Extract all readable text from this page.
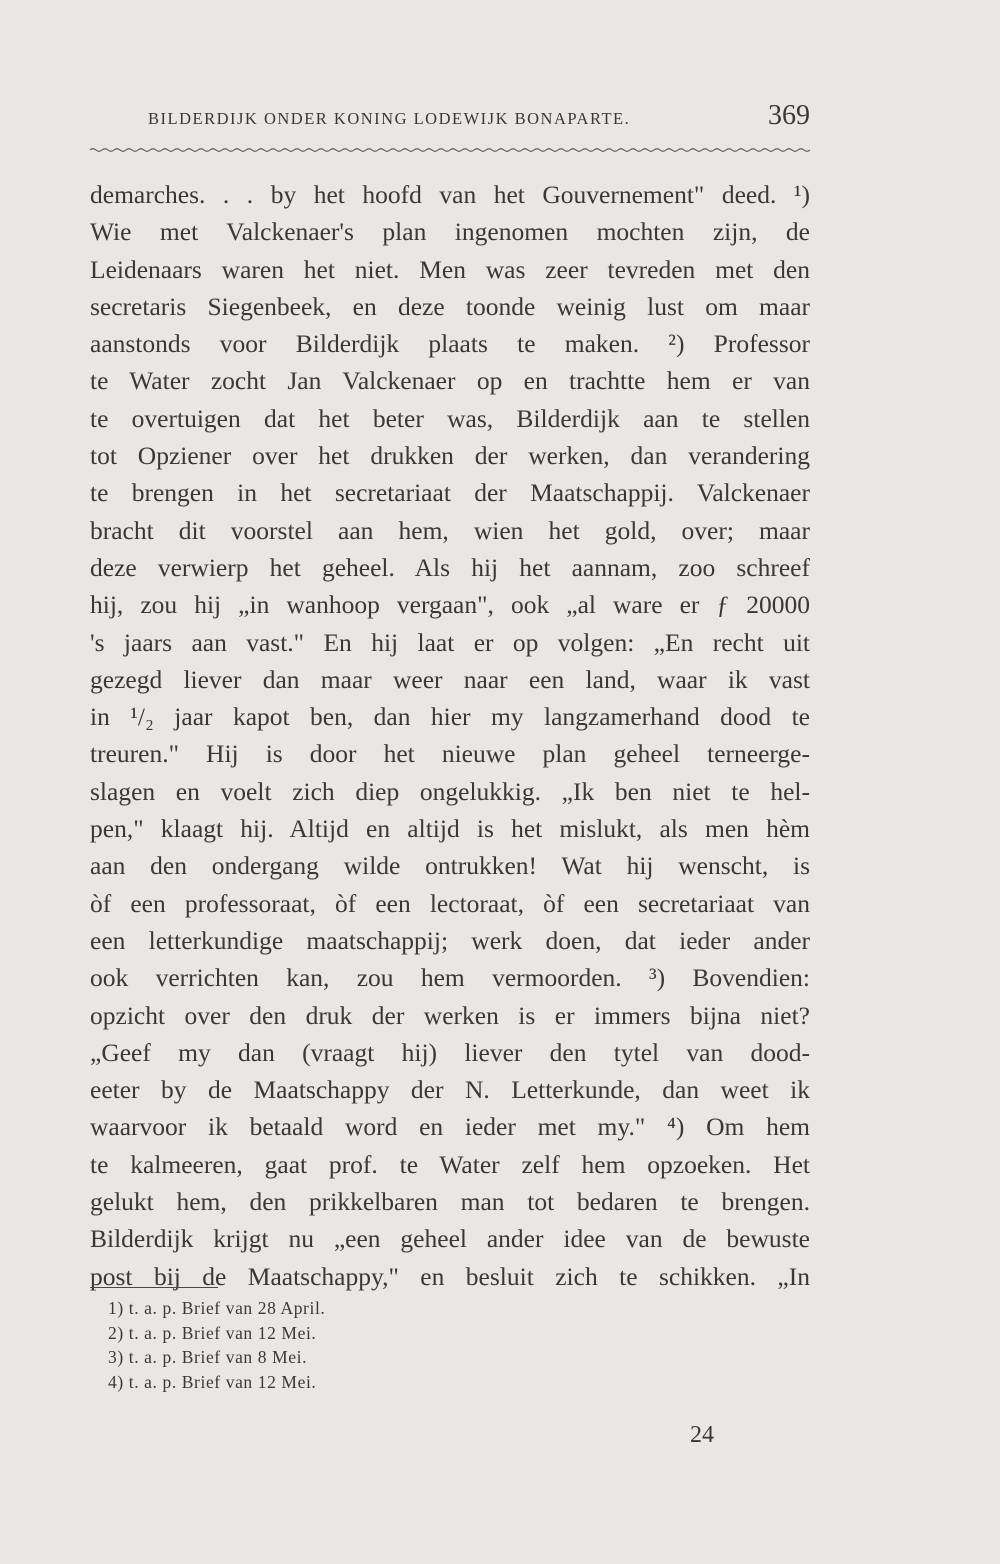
BILDERDIJK ONDER KONING LODEWIJK BONAPARTE.	369
demarches. . . by het hoofd van het Gouvernement" deed. ¹)
Wie met Valckenaer's plan ingenomen mochten zijn, de
Leidenaars waren het niet. Men was zeer tevreden met den
secretaris Siegenbeek, en deze toonde weinig lust om maar
aanstonds voor Bilderdijk plaats te maken. ²) Professor
te Water zocht Jan Valckenaer op en trachtte hem er van
te overtuigen dat het beter was, Bilderdijk aan te stellen
tot Opziener over het drukken der werken, dan verandering
te brengen in het secretariaat der Maatschappij. Valckenaer
bracht dit voorstel aan hem, wien het gold, over; maar
deze verwierp het geheel. Als hij het aannam, zoo schreef
hij, zou hij „in wanhoop vergaan", ook „al ware er ƒ 20000
's jaars aan vast." En hij laat er op volgen: „En recht uit
gezegd liever dan maar weer naar een land, waar ik vast
in ¹/₂ jaar kapot ben, dan hier my langzamerhand dood te
treuren." Hij is door het nieuwe plan geheel terneerge-
slagen en voelt zich diep ongelukkig. „Ik ben niet te hel-
pen," klaagt hij. Altijd en altijd is het mislukt, als men hèm
aan den ondergang wilde ontrukken! Wat hij wenscht, is
òf een professoraat, òf een lectoraat, òf een secretariaat van
een letterkundige maatschappij; werk doen, dat ieder ander
ook verrichten kan, zou hem vermoorden. ³) Bovendien:
opzicht over den druk der werken is er immers bijna niet?
„Geef my dan (vraagt hij) liever den tytel van dood-
eeter by de Maatschappy der N. Letterkunde, dan weet ik
waarvoor ik betaald word en ieder met my." ⁴) Om hem
te kalmeeren, gaat prof. te Water zelf hem opzoeken. Het
gelukt hem, den prikkelbaren man tot bedaren te brengen.
Bilderdijk krijgt nu „een geheel ander idee van de bewuste
post bij de Maatschappy," en besluit zich te schikken. „In
1) t. a. p. Brief van 28 April.
2) t. a. p. Brief van 12 Mei.
3) t. a. p. Brief van 8 Mei.
4) t. a. p. Brief van 12 Mei.
24
